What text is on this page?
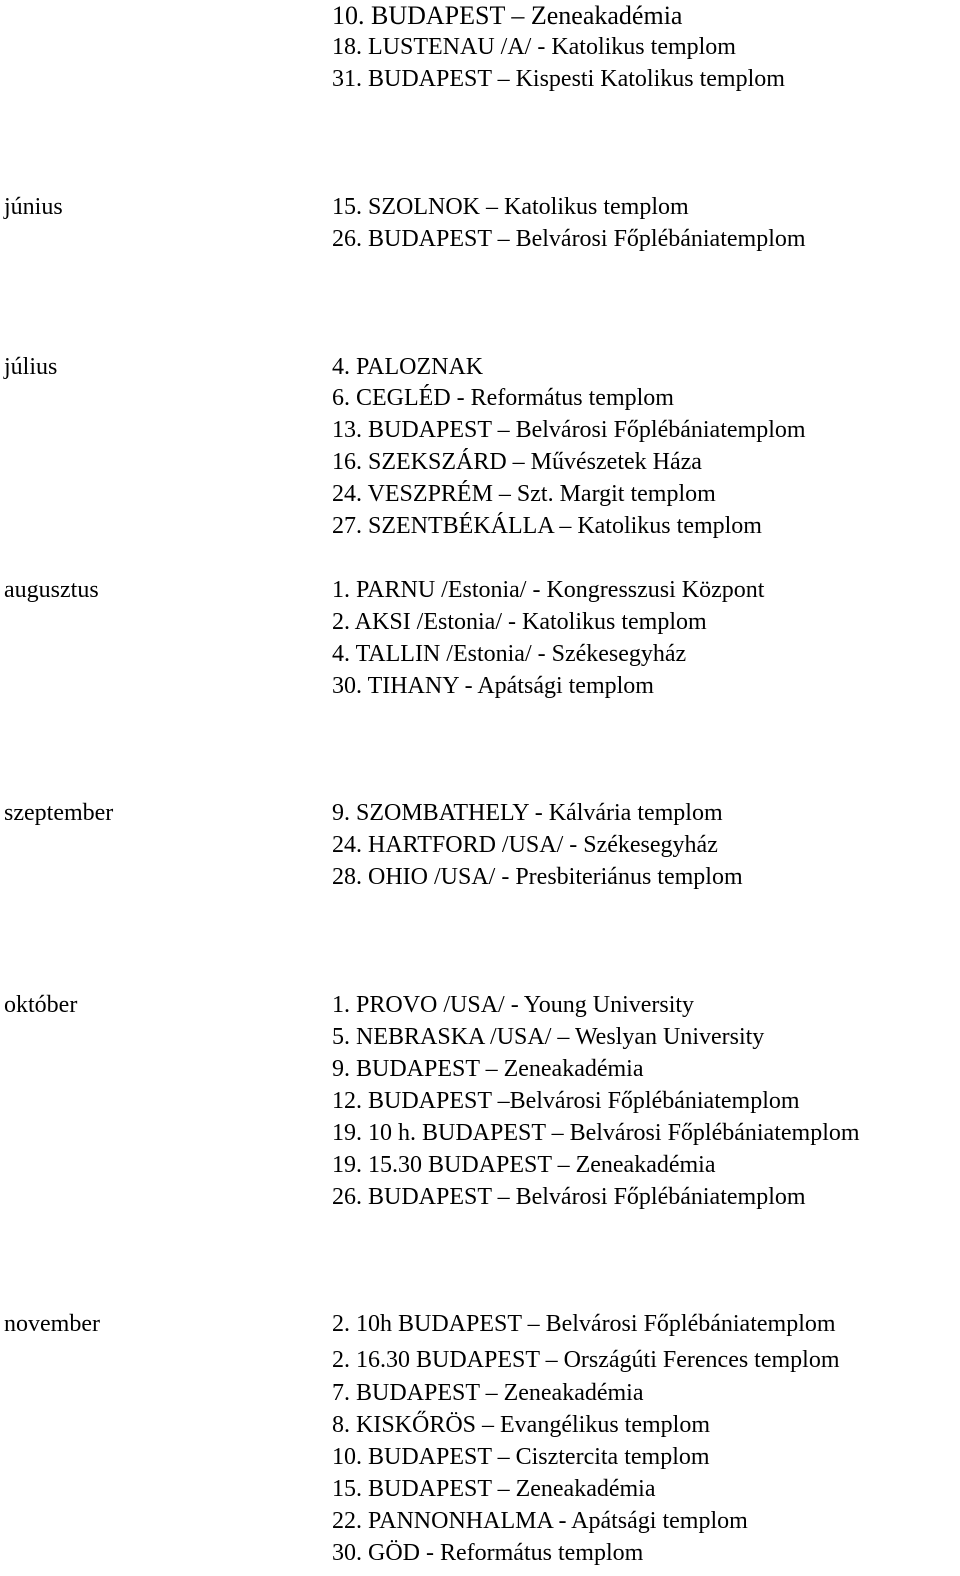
10. BUDAPEST – Zeneakadémia
18. LUSTENAU /A/ - Katolikus templom
31. BUDAPEST – Kispesti Katolikus templom
június	15. SZOLNOK – Katolikus templom
26. BUDAPEST – Belvárosi Főplébániatemplom
július	4. PALOZNAK
6. CEGLÉD - Református templom
13. BUDAPEST – Belvárosi Főplébániatemplom
16. SZEKSZÁRD – Művészetek Háza
24. VESZPRÉM – Szt. Margit templom
27. SZENTBÉKÁLLA – Katolikus templom
augusztus	1. PARNU /Estonia/ - Kongresszusi Központ
2. AKSI /Estonia/ - Katolikus templom
4. TALLIN /Estonia/ - Székesegyház
30. TIHANY - Apátsági templom
szeptember	9. SZOMBATHELY - Kálvária templom
24. HARTFORD /USA/ - Székesegyház
28. OHIO /USA/ - Presbiteriánus templom
október	1. PROVO /USA/ - Young University
5. NEBRASKA /USA/ – Weslyan University
9. BUDAPEST – Zeneakadémia
12. BUDAPEST –Belvárosi Főplébániatemplom
19. 10 h. BUDAPEST – Belvárosi Főplébániatemplom
19. 15.30 BUDAPEST – Zeneakadémia
26. BUDAPEST – Belvárosi Főplébániatemplom
november	2. 10h BUDAPEST – Belvárosi Főplébániatemplom
2. 16.30 BUDAPEST – Országúti Ferences templom
7. BUDAPEST – Zeneakadémia
8. KISKŐRÖS – Evangélikus templom
10. BUDAPEST – Cisztercita templom
15. BUDAPEST – Zeneakadémia
22. PANNONHALMA - Apátsági templom
30. GÖD - Református templom
